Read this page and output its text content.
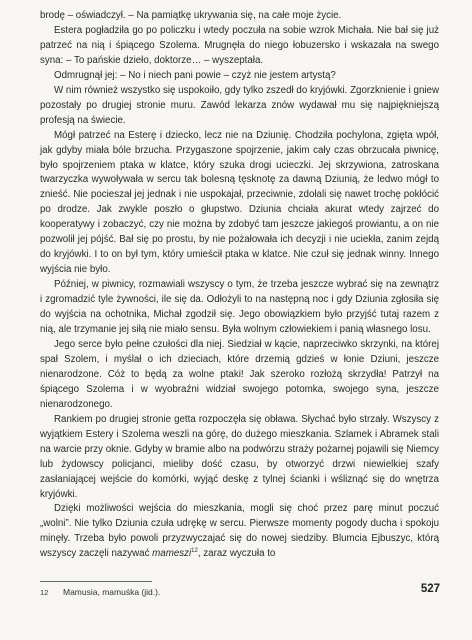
brodę – oświadczył. – Na pamiątkę ukrywania się, na całe moje życie.

Estera pogładziła go po policzku i wtedy poczuła na sobie wzrok Michała. Nie bał się już patrzeć na nią i śpiącego Szolema. Mrugnęła do niego łobuzersko i wskazała na swego syna: – To pańskie dzieło, doktorze… – wyszeptała.

Odmrugnął jej: – No i niech pani powie – czyż nie jestem artystą?

W nim również wszystko się uspokoiło, gdy tylko zszedł do kryjówki. Zgorzknienie i gniew pozostały po drugiej stronie muru. Zawód lekarza znów wydawał mu się najpiękniejszą profesją na świecie.

Mógł patrzeć na Esterę i dziecko, lecz nie na Dziunię. Chodziła pochylona, zgięta wpół, jak gdyby miała bóle brzucha. Przygaszone spojrzenie, jakim cały czas obrzucała piwnicę, było spojrzeniem ptaka w klatce, który szuka drogi ucieczki. Jej skrzywiona, zatroskana twarzyczka wywoływała w sercu tak bolesną tęsknotę za dawną Dziunią, że ledwo mógł to znieść. Nie pocieszał jej jednak i nie uspokajał, przeciwnie, zdołali się nawet trochę pokłócić po drodze. Jak zwykle poszło o głupstwo. Dziunia chciała akurat wtedy zajrzeć do kooperatywy i zobaczyć, czy nie można by zdobyć tam jeszcze jakiegoś prowiantu, a on nie pozwolił jej pójść. Bał się po prostu, by nie pożałowała ich decyzji i nie uciekła, zanim zejdą do kryjówki. I to on był tym, który umieścił ptaka w klatce. Nie czuł się jednak winny. Innego wyjścia nie było.

Później, w piwnicy, rozmawiali wszyscy o tym, że trzeba jeszcze wybrać się na zewnątrz i zgromadzić tyle żywności, ile się da. Odłożyli to na następną noc i gdy Dziunia zgłosiła się do wyjścia na ochotnika, Michał zgodził się. Jego obowiązkiem było przyjść tutaj razem z nią, ale trzymanie jej siłą nie miało sensu. Była wolnym człowiekiem i panią własnego losu.

Jego serce było pełne czułości dla niej. Siedział w kącie, naprzeciwko skrzynki, na której spał Szolem, i myślał o ich dzieciach, które drzemią gdzieś w łonie Dziuni, jeszcze nienarodzone. Cóż to będą za wolne ptaki! Jak szeroko rozłożą skrzydła! Patrzył na śpiącego Szolema i w wyobraźni widział swojego potomka, swojego syna, jeszcze nienarodzonego.

Rankiem po drugiej stronie getta rozpoczęła się obława. Słychać było strzały. Wszyscy z wyjątkiem Estery i Szolema weszli na górę, do dużego mieszkania. Szlamek i Abramek stali na warcie przy oknie. Gdyby w bramie albo na podwórzu straży pożarnej pojawili się Niemcy lub żydowscy policjanci, mieliby dość czasu, by otworzyć drzwi niewielkiej szafy zasłaniającej wejście do komórki, wyjąć deskę z tylnej ścianki i wśliznąć się do wnętrza kryjówki.

Dzięki możliwości wejścia do mieszkania, mogli się choć przez parę minut poczuć „wolni”. Nie tylko Dziunia czuła udrękę w sercu. Pierwsze momenty pogody ducha i spokoju minęły. Trzeba było powoli przyzwyczajać się do nowej siedziby. Blumcia Ejbuszyc, którą wszyscy zaczęli nazywać mameszi$^{12}$, zaraz wyczuła to

12 Mamusia, mamuśka (jid.).	527
